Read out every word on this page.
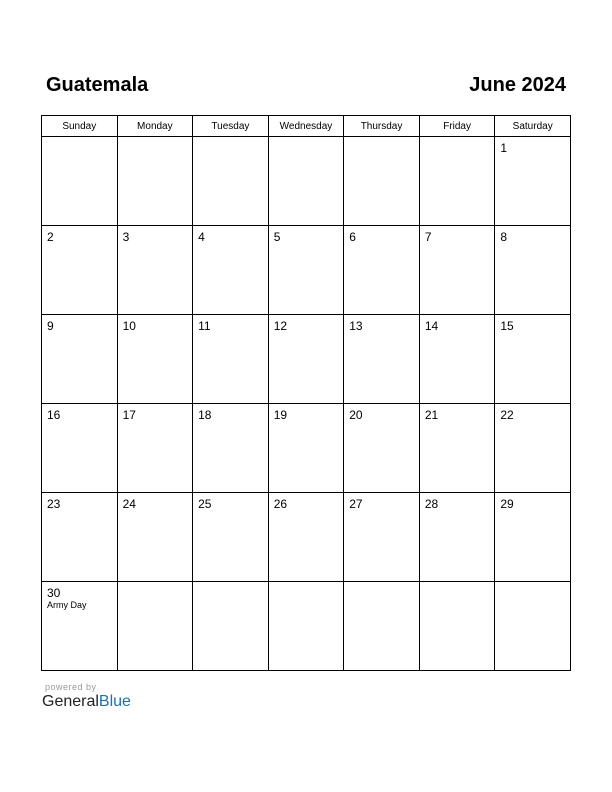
Guatemala	June 2024
Sunday	Monday	Tuesday	Wednesday	Thursday	Friday	Saturday

						1

2	3	4	5	6	7	8

9	10	11	12	13	14	15

16	17	18	19	20	21	22

23	24	25	26	27	28	29

30
Army Day						

powered by
GeneralBlue
